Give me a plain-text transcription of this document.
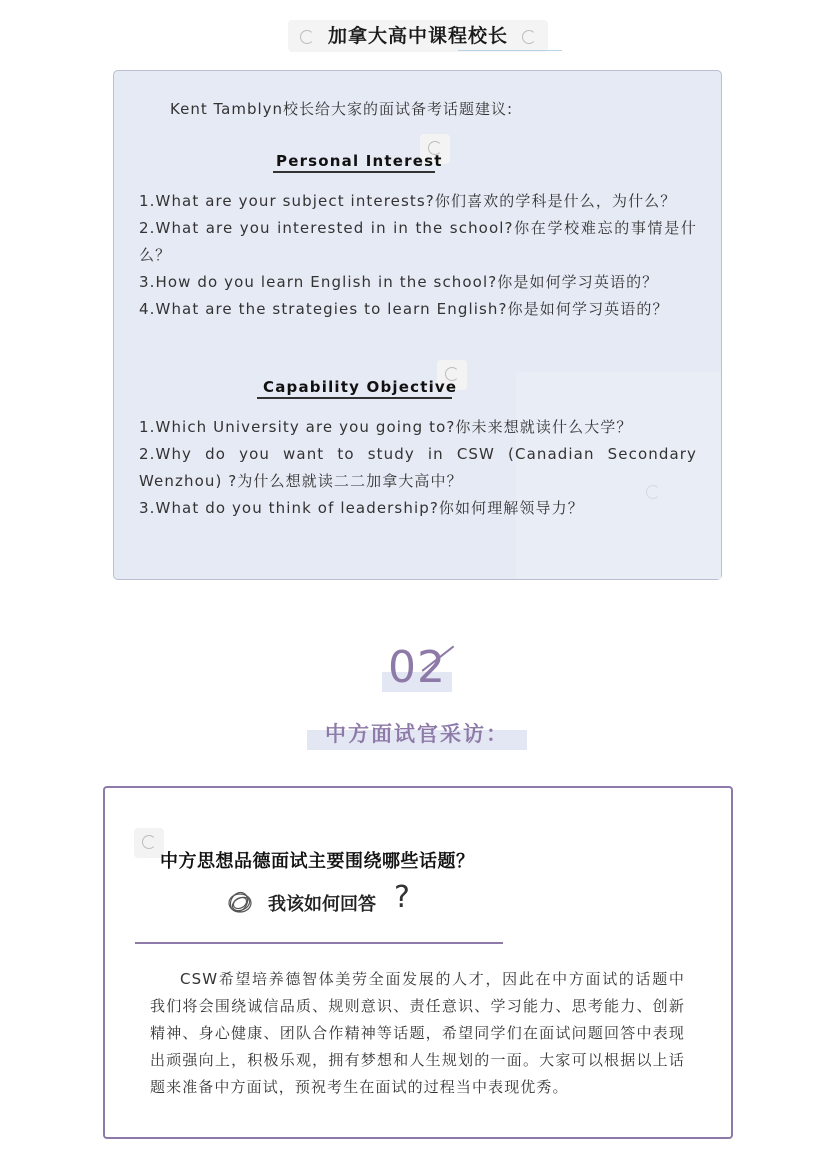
加拿大高中课程校长
Kent Tamblyn校长给大家的面试备考话题建议:
Personal Interest

1.What are your subject interests?你们喜欢的学科是什么，为什么？

2.What are you interested in in the school?你在学校难忘的事情是什么？

3.How do you learn English in the school?你是如何学习英语的？

4.What are the strategies to learn English?你是如何学习英语的？

Capability Objective

1.Which University are you going to?你未来想就读什么大学？

2.Why do you want to study in CSW (Canadian Secondary Wenzhou) ?为什么想就读二二加拿大高中？

3.What do you think of leadership?你如何理解领导力？

02
中方面试官采访：
中方思想品德面试主要围绕哪些话题？
我该如何回答 ?

CSW希望培养德智体美劳全面发展的人才，因此在中方面试的话题中我们将会围绕诚信品质、规则意识、责任意识、学习能力、思考能力、创新精神、身心健康、团队合作精神等话题，希望同学们在面试问题回答中表现出顽强向上，积极乐观，拥有梦想和人生规划的一面。大家可以根据以上话题来准备中方面试，预祝考生在面试的过程当中表现优秀。
